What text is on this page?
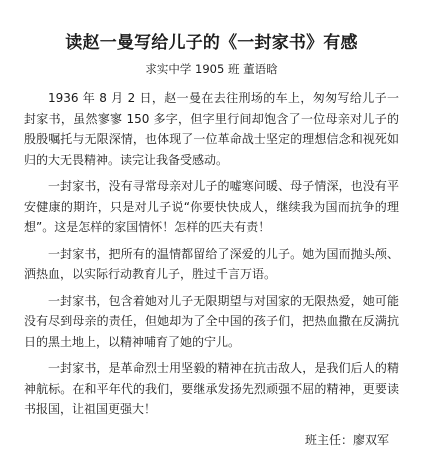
读赵一曼写给儿子的《一封家书》有感

求实中学 1905 班 董语晗

1936 年 8 月 2 日，赵一曼在去往刑场的车上，匆匆写给儿子一封家书，虽然寥寥 150 多字，但字里行间却饱含了一位母亲对儿子的殷殷嘱托与无限深情，也体现了一位革命战士坚定的理想信念和视死如归的大无畏精神。读完让我备受感动。

一封家书，没有寻常母亲对儿子的嘘寒问暖、母子情深，也没有平安健康的期许，只是对儿子说“你要快快成人，继续我为国而抗争的理想”。这是怎样的家国情怀！怎样的匹夫有责！

一封家书，把所有的温情都留给了深爱的儿子。她为国而抛头颅、洒热血，以实际行动教育儿子，胜过千言万语。

一封家书，包含着她对儿子无限期望与对国家的无限热爱，她可能没有尽到母亲的责任，但她却为了全中国的孩子们，把热血撒在反满抗日的黑土地上，以精神哺育了她的宁儿。

一封家书，是革命烈士用坚毅的精神在抗击敌人，是我们后人的精神航标。在和平年代的我们，要继承发扬先烈顽强不屈的精神，更要读书报国，让祖国更强大！

班主任：廖双军
